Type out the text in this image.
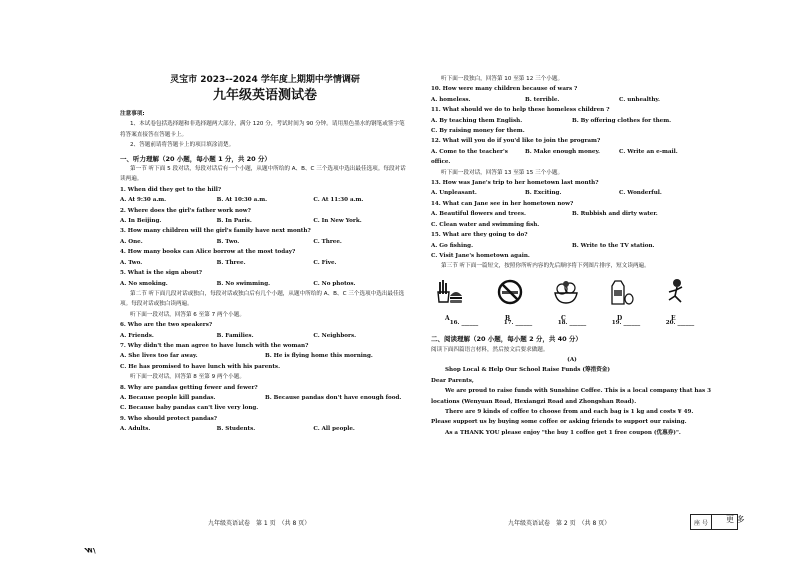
灵宝市 2023--2024 学年度上期期中学情调研
九年级英语测试卷
注意事项:
1、本试卷包括选择题和非选择题两大部分，满分 120 分，考试时间为 90 分钟。请用黑色墨水的钢笔或签字笔将答案直接答在答题卡上。
2、答题前请将答题卡上的项目填涂清楚。
一、听力理解（20 小题，每小题 1 分，共 20 分）
第一节 听下面 5 段对话，每段对话后有一个小题，从题中所给的 A、B、C 三个选项中选出最佳选项。每段对话读两遍。
1. When did they get to the hill?
A. At 9:30 a.m.	B. At 10:30 a.m.	C. At 11:30 a.m.
2. Where does the girl's father work now?
A. In Beijing.	B. In Paris.	C. In New York.
3. How many children will the girl's family have next month?
A. One.	B. Two.	C. Three.
4. How many books can Alice borrow at the most today?
A. Two.	B. Three.	C. Five.
5. What is the sign about?
A. No smoking.	B. No swimming.	C. No photos.
第二节 听下面几段对话或独白，每段对话或独白后有几个小题，从题中所给的 A、B、C 三个选项中选出最佳选项。每段对话或独白读两遍。
听下面一段对话，回答第 6 至第 7 两个小题。
6. Who are the two speakers?
A. Friends.	B. Families.	C. Neighbors.
7. Why didn't the man agree to have lunch with the woman?
A. She lives too far away.	B. He is flying home this morning.
C. He has promised to have lunch with his parents.
听下面一段对话，回答第 8 至第 9 两个小题。
8. Why are pandas getting fewer and fewer?
A. Because people kill pandas.	B. Because pandas don't have enough food.
C. Because baby pandas can't live very long.
9. Who should protect pandas?
A. Adults.	B. Students.	C. All people.
听下面一段独白，回答第 10 至第 12 三个小题。
10. How were many children because of wars ?
A. homeless.	B. terrible.	C. unhealthy.
11. What should we do to help these homeless children ?
A. By teaching them English.	B. By offering clothes for them.
C. By raising money for them.
12. What will you do if you'd like to join the program?
A. Come to the teacher's office.
B. Make enough money.	C. Write an e-mail.
听下面一段对话，回答第 13 至第 15 三个小题。
13. How was Jane's trip to her hometown last month?
A. Unpleasant.	B. Exciting.	C. Wonderful.
14. What can Jane see in her hometown now?
A. Beautiful flowers and trees.	B. Rubbish and dirty water.
C. Clean water and swimming fish.
15. What are they going to do?
A. Go fishing.	B. Write to the TV station.
C. Visit Jane's hometown again.
第三节 听下面一篇短文，按照你所听内容的先后顺序将下列图片排序，短文读两遍。
A	B	C	D	E
16. ______	17. ______	18. ______	19. ______	20. ______
二、阅读理解（20 小题，每小题 2 分，共 40 分）
阅读下面四篇语言材料，然后按文后要求做题。
(A)
Shop Local & Help Our School Raise Funds (筹措资金)
Dear Parents,
We are proud to raise funds with Sunshine Coffee. This is a local company that has 3 locations (Wenyuan Road, Hexiangzi Road and Zhongshan Road).
There are 9 kinds of coffee to choose from and each bag is 1 kg and costs ¥ 49. Please support us by buying some coffee or asking friends to support our raising.
As a THANK YOU please enjoy "the buy 1 coffee get 1 free coupon (优惠券)".
九年级英语试卷　第 1 页　（共 8 页）	九年级英语试卷　第 2 页　（共 8 页）	座 号	更 多
